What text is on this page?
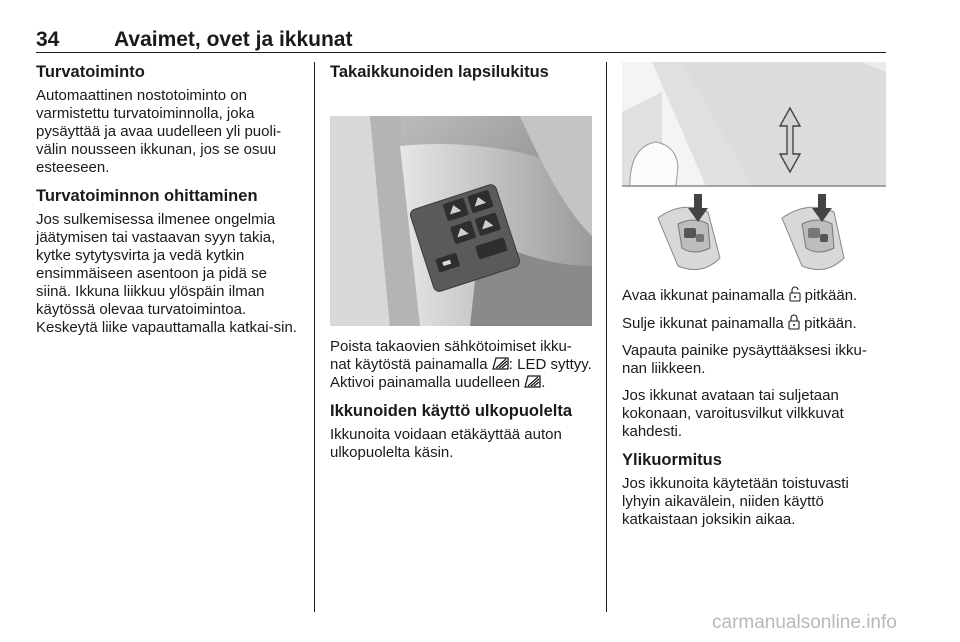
34	Avaimet, ovet ja ikkunat
Turvatoiminto

Automaattinen nostotoiminto on varmistettu turvatoiminnolla, joka pysäyttää ja avaa uudelleen yli puoli-välin nousseen ikkunan, jos se osuu esteeseen.

Turvatoiminnon ohittaminen

Jos sulkemisessa ilmenee ongelmia jäätymisen tai vastaavan syyn takia, kytke sytytysvirta ja vedä kytkin ensimmäiseen asentoon ja pidä se siinä. Ikkuna liikkuu ylöspäin ilman käytössä olevaa turvatoimintoa. Keskeytä liike vapauttamalla katkai-sin.

Takaikkunoiden lapsilukitus

Poista takaovien sähkötoimiset ikku-nat käytöstä painamalla : LED syttyy. Aktivoi painamalla uudelleen .

Ikkunoiden käyttö ulkopuolelta

Ikkunoita voidaan etäkäyttää auton ulkopuolelta käsin.

Avaa ikkunat painamalla pitkään.

Sulje ikkunat painamalla pitkään.

Vapauta painike pysäyttääksesi ikku-nan liikkeen.

Jos ikkunat avataan tai suljetaan kokonaan, varoitusvilkut vilkkuvat kahdesti.

Ylikuormitus

Jos ikkunoita käytetään toistuvasti lyhyin aikavälein, niiden käyttö katkaistaan joksikin aikaa.

carmanualsonline.info
